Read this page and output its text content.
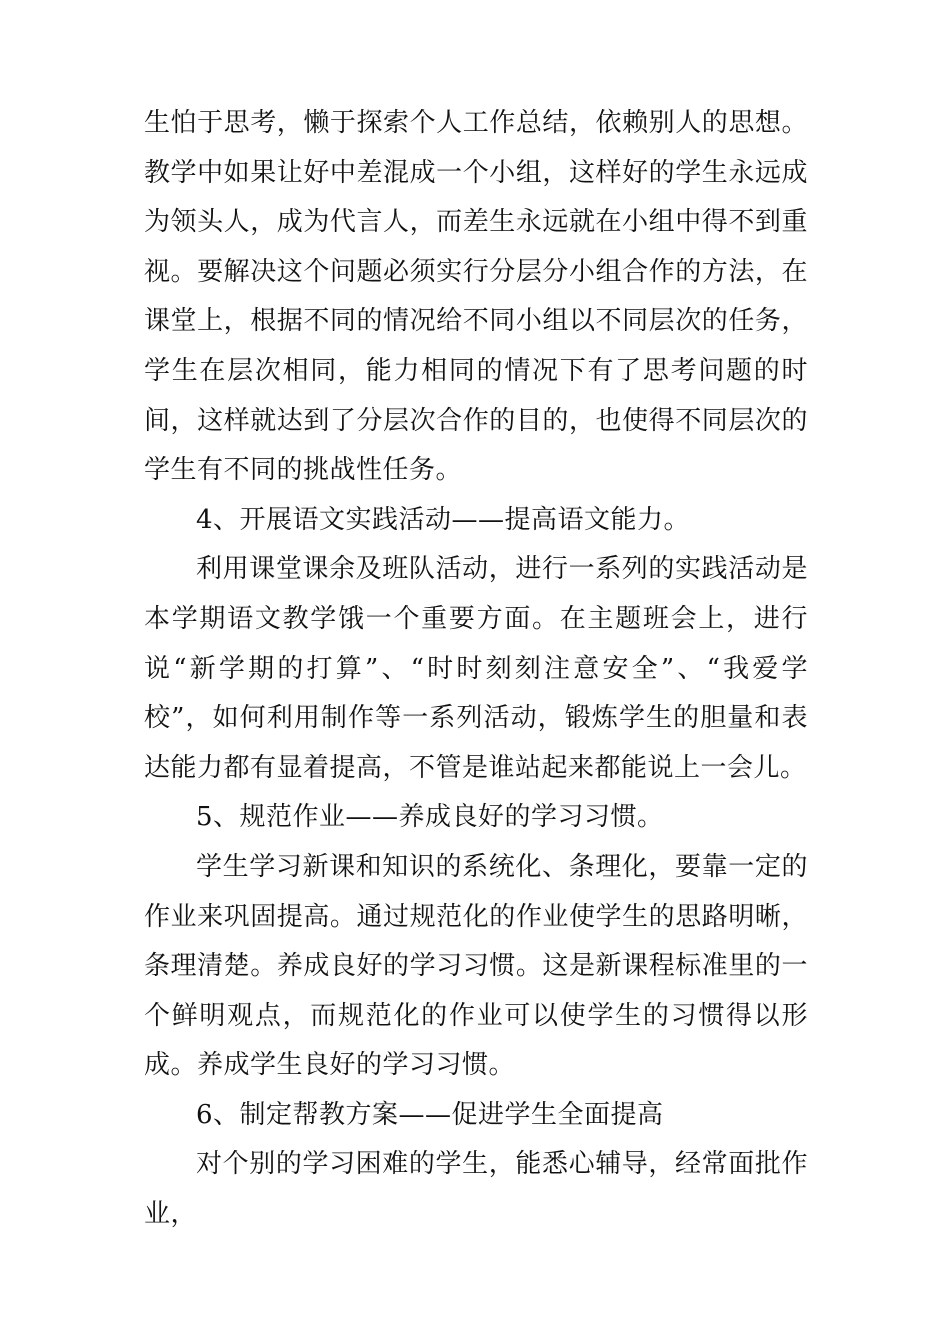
生怕于思考，懒于探索个人工作总结，依赖别人的思想。教学中如果让好中差混成一个小组，这样好的学生永远成为领头人，成为代言人，而差生永远就在小组中得不到重视。要解决这个问题必须实行分层分小组合作的方法，在课堂上，根据不同的情况给不同小组以不同层次的任务，学生在层次相同，能力相同的情况下有了思考问题的时间，这样就达到了分层次合作的目的，也使得不同层次的学生有不同的挑战性任务。

4、开展语文实践活动——提高语文能力。

利用课堂课余及班队活动，进行一系列的实践活动是本学期语文教学饿一个重要方面。在主题班会上，进行说“新学期的打算”、“时时刻刻注意安全”、“我爱学校”，如何利用制作等一系列活动，锻炼学生的胆量和表达能力都有显着提高，不管是谁站起来都能说上一会儿。

5、规范作业——养成良好的学习习惯。

学生学习新课和知识的系统化、条理化，要靠一定的作业来巩固提高。通过规范化的作业使学生的思路明晰，条理清楚。养成良好的学习习惯。这是新课程标准里的一个鲜明观点，而规范化的作业可以使学生的习惯得以形成。养成学生良好的学习习惯。

6、制定帮教方案——促进学生全面提高

对个别的学习困难的学生，能悉心辅导，经常面批作业，
